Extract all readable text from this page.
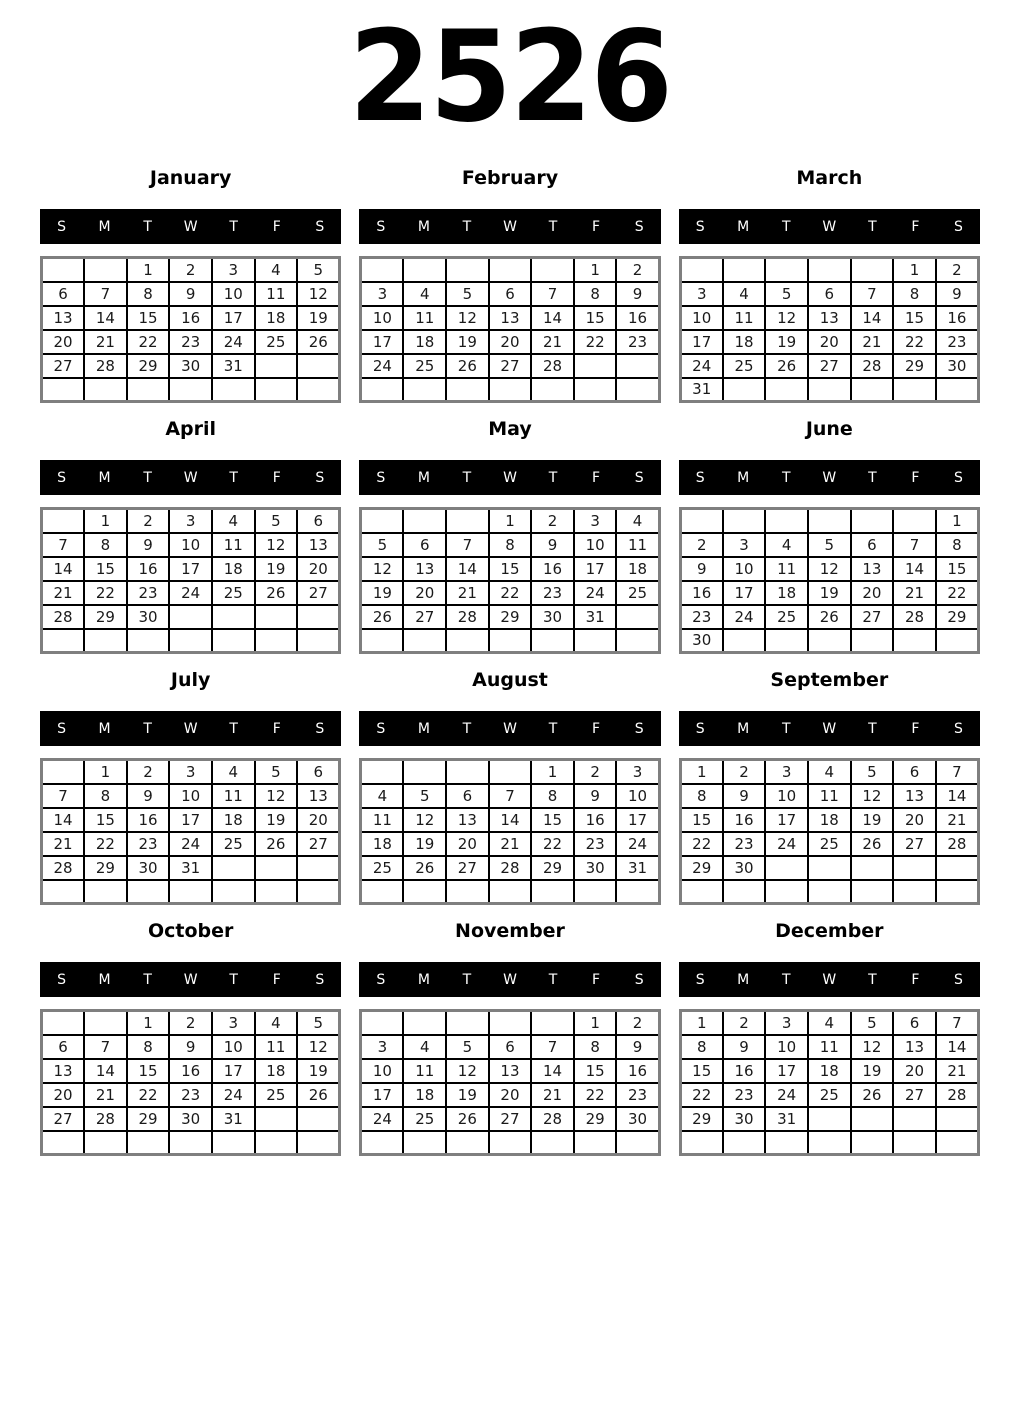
2526
January
S	M	T	W	T	F	S
		1	2	3	4	5
6	7	8	9	10	11	12
13	14	15	16	17	18	19
20	21	22	23	24	25	26
27	28	29	30	31		

February
S	M	T	W	T	F	S
					1	2
3	4	5	6	7	8	9
10	11	12	13	14	15	16
17	18	19	20	21	22	23
24	25	26	27	28		

March
S	M	T	W	T	F	S
					1	2
3	4	5	6	7	8	9
10	11	12	13	14	15	16
17	18	19	20	21	22	23
24	25	26	27	28	29	30
31						
April
S	M	T	W	T	F	S
	1	2	3	4	5	6
7	8	9	10	11	12	13
14	15	16	17	18	19	20
21	22	23	24	25	26	27
28	29	30				

May
S	M	T	W	T	F	S
			1	2	3	4
5	6	7	8	9	10	11
12	13	14	15	16	17	18
19	20	21	22	23	24	25
26	27	28	29	30	31	

June
S	M	T	W	T	F	S
						1
2	3	4	5	6	7	8
9	10	11	12	13	14	15
16	17	18	19	20	21	22
23	24	25	26	27	28	29
30						
July
S	M	T	W	T	F	S
	1	2	3	4	5	6
7	8	9	10	11	12	13
14	15	16	17	18	19	20
21	22	23	24	25	26	27
28	29	30	31			

August
S	M	T	W	T	F	S
				1	2	3
4	5	6	7	8	9	10
11	12	13	14	15	16	17
18	19	20	21	22	23	24
25	26	27	28	29	30	31

September
S	M	T	W	T	F	S
1	2	3	4	5	6	7
8	9	10	11	12	13	14
15	16	17	18	19	20	21
22	23	24	25	26	27	28
29	30					

October
S	M	T	W	T	F	S
		1	2	3	4	5
6	7	8	9	10	11	12
13	14	15	16	17	18	19
20	21	22	23	24	25	26
27	28	29	30	31		

November
S	M	T	W	T	F	S
					1	2
3	4	5	6	7	8	9
10	11	12	13	14	15	16
17	18	19	20	21	22	23
24	25	26	27	28	29	30

December
S	M	T	W	T	F	S
1	2	3	4	5	6	7
8	9	10	11	12	13	14
15	16	17	18	19	20	21
22	23	24	25	26	27	28
29	30	31				
